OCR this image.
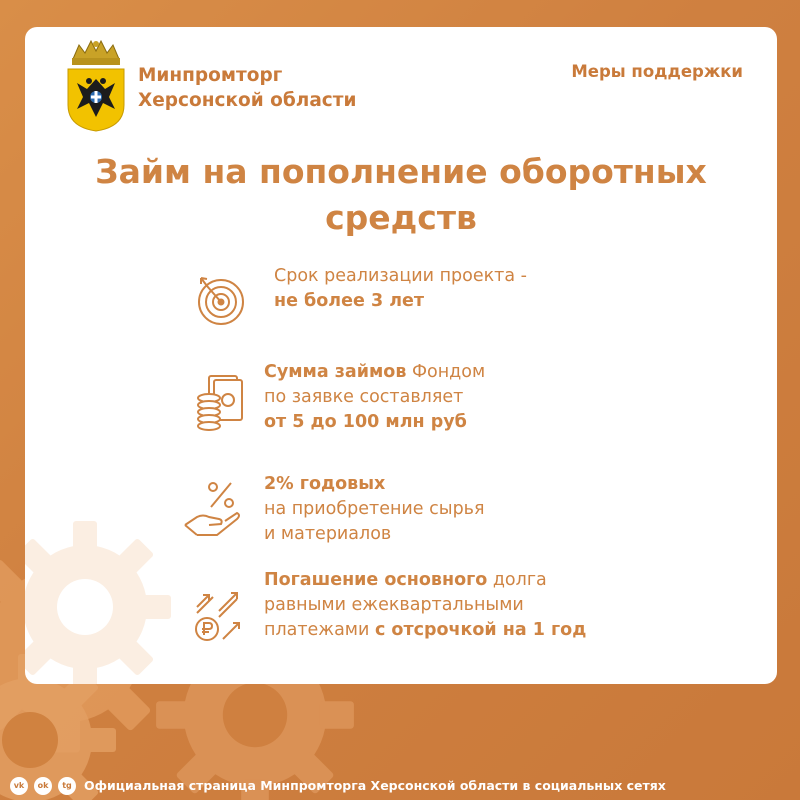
Минпромторг
Херсонской области
Меры поддержки
Займ на пополнение оборотных
средств
Срок реализации проекта -
не более 3 лет
Сумма займов Фондом
по заявке составляет
от 5 до 100 млн руб
2% годовых
на приобретение сырья
и материалов
Погашение основного долга
равными ежеквартальными
платежами с отсрочкой на 1 год
vk ok tg Официальная страница Минпромторга Херсонской области в социальных сетях
